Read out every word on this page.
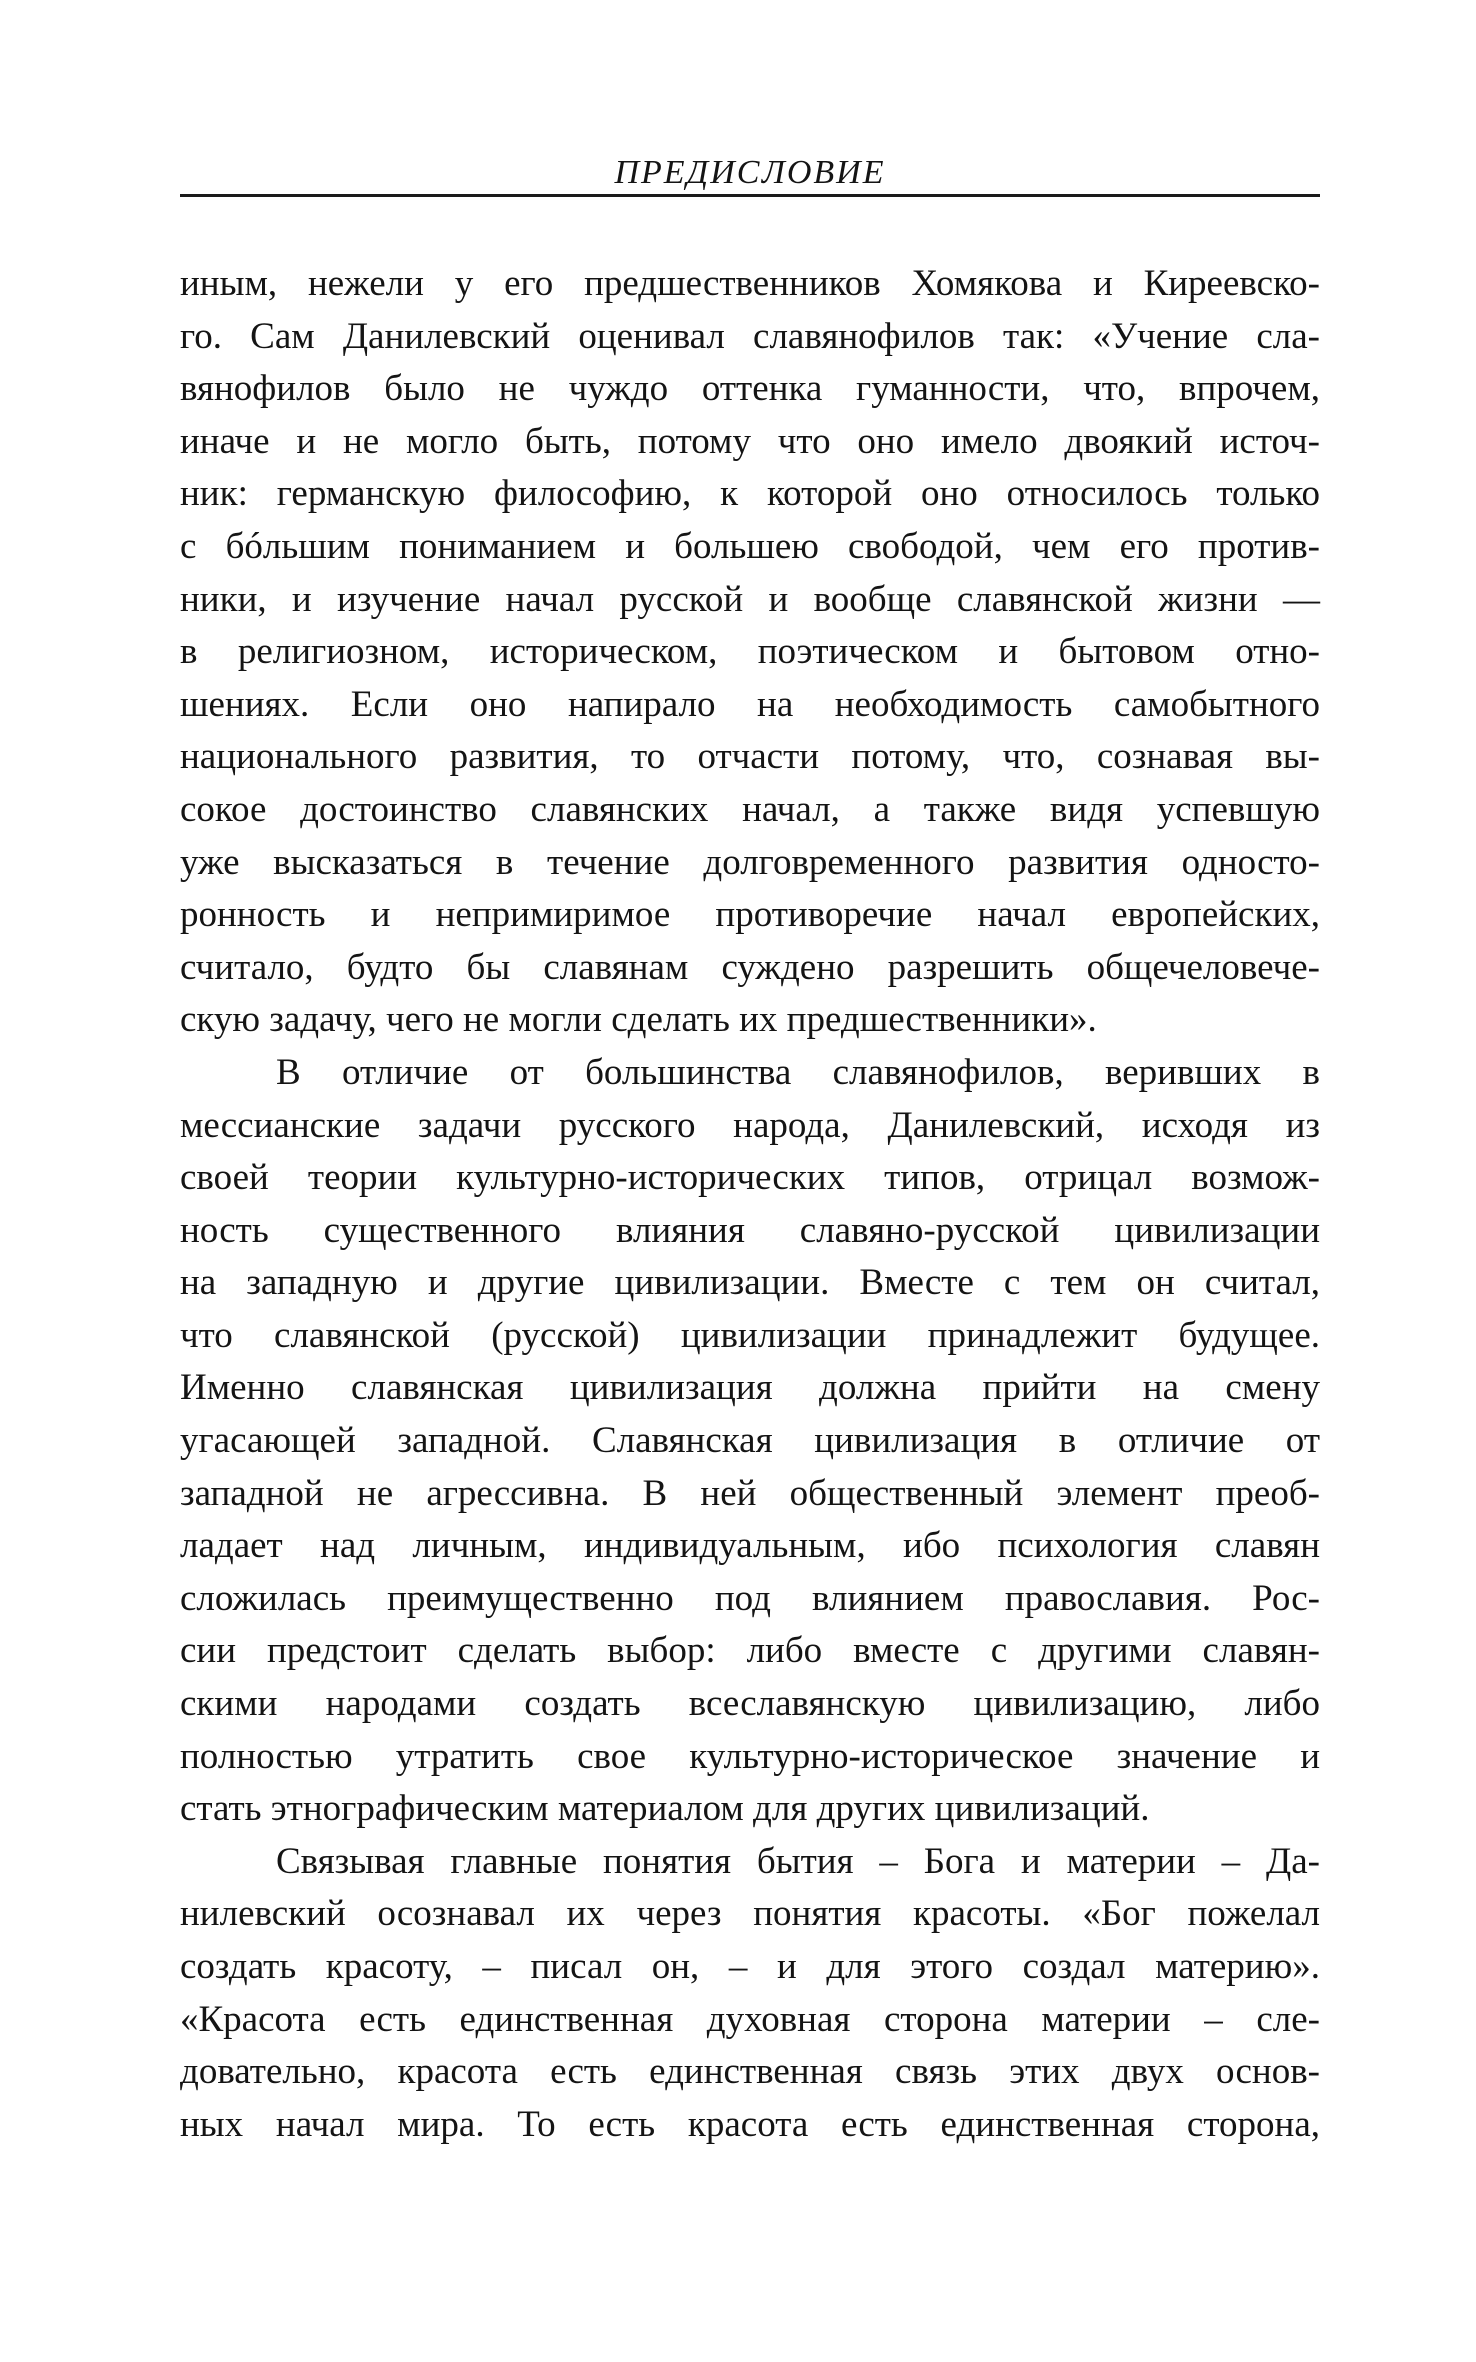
ПРЕДИСЛОВИЕ

иным, нежели у его предшественников Хомякова и Киреевско-

го. Сам Данилевский оценивал славянофилов так: «Учение сла-

вянофилов было не чуждо оттенка гуманности, что, впрочем,

иначе и не могло быть, потому что оно имело двоякий источ-

ник: германскую философию, к которой оно относилось только

с бóльшим пониманием и большею свободой, чем его против-

ники, и изучение начал русской и вообще славянской жизни —

в религиозном, историческом, поэтическом и бытовом отно-

шениях. Если оно напирало на необходимость самобытного

национального развития, то отчасти потому, что, сознавая вы-

сокое достоинство славянских начал, а также видя успевшую

уже высказаться в течение долговременного развития односто-

ронность и непримиримое противоречие начал европейских,

считало, будто бы славянам суждено разрешить общечеловече-

скую задачу, чего не могли сделать их предшественники».

В отличие от большинства славянофилов, веривших в

мессианские задачи русского народа, Данилевский, исходя из

своей теории культурно-исторических типов, отрицал возмож-

ность существенного влияния славяно-русской цивилизации

на западную и другие цивилизации. Вместе с тем он считал,

что славянской (русской) цивилизации принадлежит будущее.

Именно славянская цивилизация должна прийти на смену

угасающей западной. Славянская цивилизация в отличие от

западной не агрессивна. В ней общественный элемент преоб-

ладает над личным, индивидуальным, ибо психология славян

сложилась преимущественно под влиянием православия. Рос-

сии предстоит сделать выбор: либо вместе с другими славян-

скими народами создать всеславянскую цивилизацию, либо

полностью утратить свое культурно-историческое значение и

стать этнографическим материалом для других цивилизаций.

Связывая главные понятия бытия – Бога и материи – Да-

нилевский осознавал их через понятия красоты. «Бог пожелал

создать красоту, – писал он, – и для этого создал материю».

«Красота есть единственная духовная сторона материи – сле-

довательно, красота есть единственная связь этих двух основ-

ных начал мира. То есть красота есть единственная сторона,
